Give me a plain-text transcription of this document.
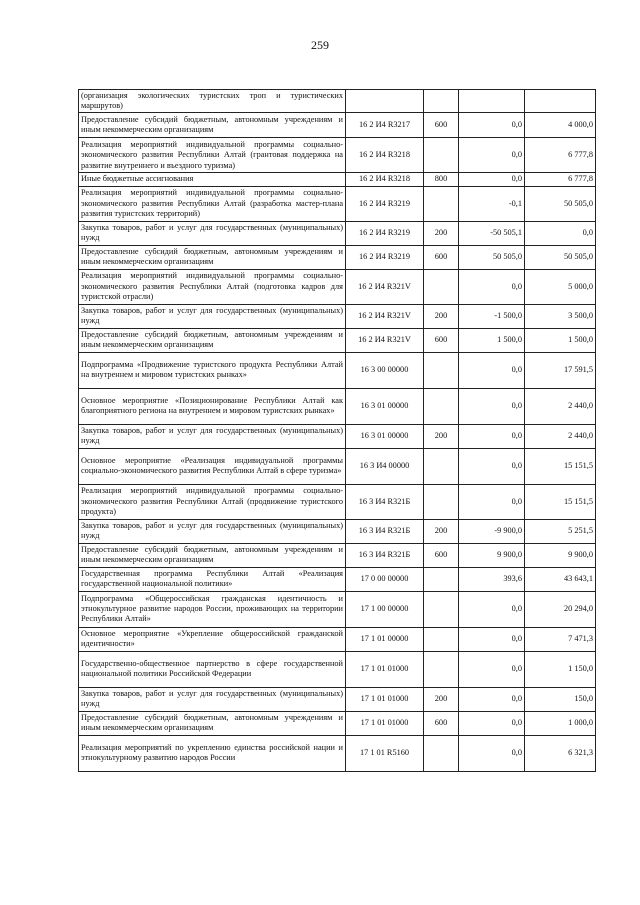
259
(организация экологических туристских троп и туристических маршрутов)				
Предоставление субсидий бюджетным, автономным учреждениям и иным некоммерческим организациям	16 2 И4 R3217	600	0,0	4 000,0
Реализация мероприятий индивидуальной программы социально-экономического развития Республики Алтай (грантовая поддержка на развитие внутреннего и въездного туризма)	16 2 И4 R3218		0,0	6 777,8
Иные бюджетные ассигнования	16 2 И4 R3218	800	0,0	6 777,8
Реализация мероприятий индивидуальной программы социально-экономического развития Республики Алтай (разработка мастер-плана развития туристских территорий)	16 2 И4 R3219		-0,1	50 505,0
Закупка товаров, работ и услуг для государственных (муниципальных) нужд	16 2 И4 R3219	200	-50 505,1	0,0
Предоставление субсидий бюджетным, автономным учреждениям и иным некоммерческим организациям	16 2 И4 R3219	600	50 505,0	50 505,0
Реализация мероприятий индивидуальной программы социально-экономического развития Республики Алтай (подготовка кадров для туристской отрасли)	16 2 И4 R321V		0,0	5 000,0
Закупка товаров, работ и услуг для государственных (муниципальных) нужд	16 2 И4 R321V	200	-1 500,0	3 500,0
Предоставление субсидий бюджетным, автономным учреждениям и иным некоммерческим организациям	16 2 И4 R321V	600	1 500,0	1 500,0
Подпрограмма «Продвижение туристского продукта Республики Алтай на внутреннем и мировом туристских рынках»	16 3 00 00000		0,0	17 591,5
Основное мероприятие «Позиционирование Республики Алтай как благоприятного региона на внутреннем и мировом туристских рынках»	16 3 01 00000		0,0	2 440,0
Закупка товаров, работ и услуг для государственных (муниципальных) нужд	16 3 01 00000	200	0,0	2 440,0
Основное мероприятие «Реализация индивидуальной программы социально-экономического развития Республики Алтай в сфере туризма»	16 3 И4 00000		0,0	15 151,5
Реализация мероприятий индивидуальной программы социально-экономического развития Республики Алтай (продвижение туристского продукта)	16 3 И4 R321Б		0,0	15 151,5
Закупка товаров, работ и услуг для государственных (муниципальных) нужд	16 3 И4 R321Б	200	-9 900,0	5 251,5
Предоставление субсидий бюджетным, автономным учреждениям и иным некоммерческим организациям	16 3 И4 R321Б	600	9 900,0	9 900,0
Государственная программа Республики Алтай «Реализация государственной национальной политики»	17 0 00 00000		393,6	43 643,1
Подпрограмма «Общероссийская гражданская идентичность и этнокультурное развитие народов России, проживающих на территории Республики Алтай»	17 1 00 00000		0,0	20 294,0
Основное мероприятие «Укрепление общероссийской гражданской идентичности»	17 1 01 00000		0,0	7 471,3
Государственно-общественное партнерство в сфере государственной национальной политики Российской Федерации	17 1 01 01000		0,0	1 150,0
Закупка товаров, работ и услуг для государственных (муниципальных) нужд	17 1 01 01000	200	0,0	150,0
Предоставление субсидий бюджетным, автономным учреждениям и иным некоммерческим организациям	17 1 01 01000	600	0,0	1 000,0
Реализация мероприятий по укреплению единства российской нации и этнокультурному развитию народов России	17 1 01 R5160		0,0	6 321,3
